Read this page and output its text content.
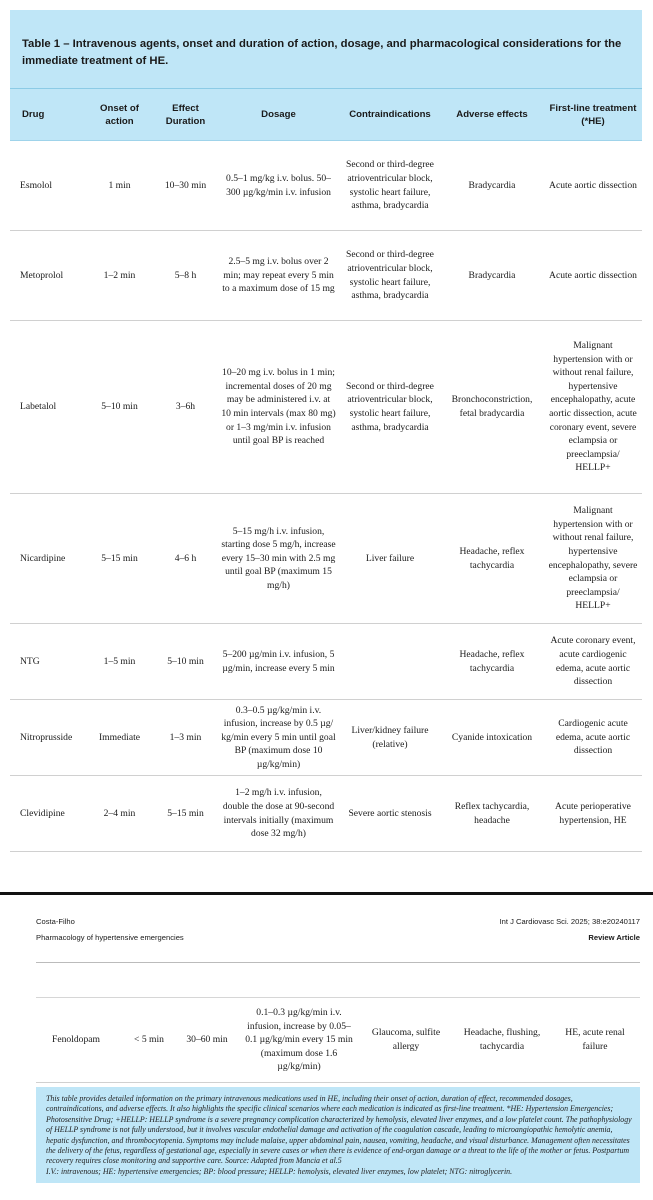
Table 1 – Intravenous agents, onset and duration of action, dosage, and pharmacological considerations for the immediate treatment of HE.
Drug	Onset of action	Effect Duration	Dosage	Contraindications	Adverse effects	First-line treatment (*HE)
Esmolol	1 min	10–30 min	0.5–1 mg/kg i.v. bolus. 50–300 µg/kg/min i.v. infusion	Second or third-degree atrioventricular block, systolic heart failure, asthma, bradycardia	Bradycardia	Acute aortic dissection
Metoprolol	1–2 min	5–8 h	2.5–5 mg i.v. bolus over 2 min; may repeat every 5 min to a maximum dose of 15 mg	Second or third-degree atrioventricular block, systolic heart failure, asthma, bradycardia	Bradycardia	Acute aortic dissection
Labetalol	5–10 min	3–6h	10–20 mg i.v. bolus in 1 min; incremental doses of 20 mg may be administered i.v. at 10 min intervals (max 80 mg) or 1–3 mg/min i.v. infusion until goal BP is reached	Second or third-degree atrioventricular block, systolic heart failure, asthma, bradycardia	Bronchoconstriction, fetal bradycardia	Malignant hypertension with or without renal failure, hypertensive encephalopathy, acute aortic dissection, acute coronary event, severe eclampsia or preeclampsia/ HELLP+
Nicardipine	5–15 min	4–6 h	5–15 mg/h i.v. infusion, starting dose 5 mg/h, increase every 15–30 min with 2.5 mg until goal BP (maximum 15 mg/h)	Liver failure	Headache, reflex tachycardia	Malignant hypertension with or without renal failure, hypertensive encephalopathy, severe eclampsia or preeclampsia/ HELLP+
NTG	1–5 min	5–10 min	5–200 µg/min i.v. infusion, 5 µg/min, increase every 5 min		Headache, reflex tachycardia	Acute coronary event, acute cardiogenic edema, acute aortic dissection
Nitroprusside	Immediate	1–3 min	0.3–0.5 µg/kg/min i.v. infusion, increase by 0.5 µg/ kg/min every 5 min until goal BP (maximum dose 10 µg/kg/min)	Liver/kidney failure (relative)	Cyanide intoxication	Cardiogenic acute edema, acute aortic dissection
Clevidipine	2–4 min	5–15 min	1–2 mg/h i.v. infusion, double the dose at 90-second intervals initially (maximum dose 32 mg/h)	Severe aortic stenosis	Reflex tachycardia, headache	Acute perioperative hypertension, HE
Costa-Filho
Pharmacology of hypertensive emergencies
Int J Cardiovasc Sci. 2025; 38:e20240117
Review Article
Fenoldopam	< 5 min	30–60 min	0.1–0.3 µg/kg/min i.v. infusion, increase by 0.05–0.1 µg/kg/min every 15 min (maximum dose 1.6 µg/kg/min)	Glaucoma, sulfite allergy	Headache, flushing, tachycardia	HE, acute renal failure

This table provides detailed information on the primary intravenous medications used in HE, including their onset of action, duration of effect, recommended dosages, contraindications, and adverse effects. It also highlights the specific clinical scenarios where each medication is indicated as first-line treatment. *HE: Hypertension Emergencies; Photosensitive Drug; +HELLP: HELLP syndrome is a severe pregnancy complication characterized by hemolysis, elevated liver enzymes, and a low platelet count. The pathophysiology of HELLP syndrome is not fully understood, but it involves vascular endothelial damage and activation of the coagulation cascade, leading to microangiopathic hemolytic anemia, hepatic dysfunction, and thrombocytopenia. Symptoms may include malaise, upper abdominal pain, nausea, vomiting, headache, and visual disturbance. Management often necessitates the delivery of the fetus, regardless of gestational age, especially in severe cases or when there is evidence of end-organ damage or a threat to the life of the mother or fetus. Postpartum recovery requires close monitoring and supportive care. Source: Adapted from Mancia et al.5

I.V.: intravenous; HE: hypertensive emergencies; BP: blood pressure; HELLP: hemolysis, elevated liver enzymes, low platelet; NTG: nitroglycerin.
